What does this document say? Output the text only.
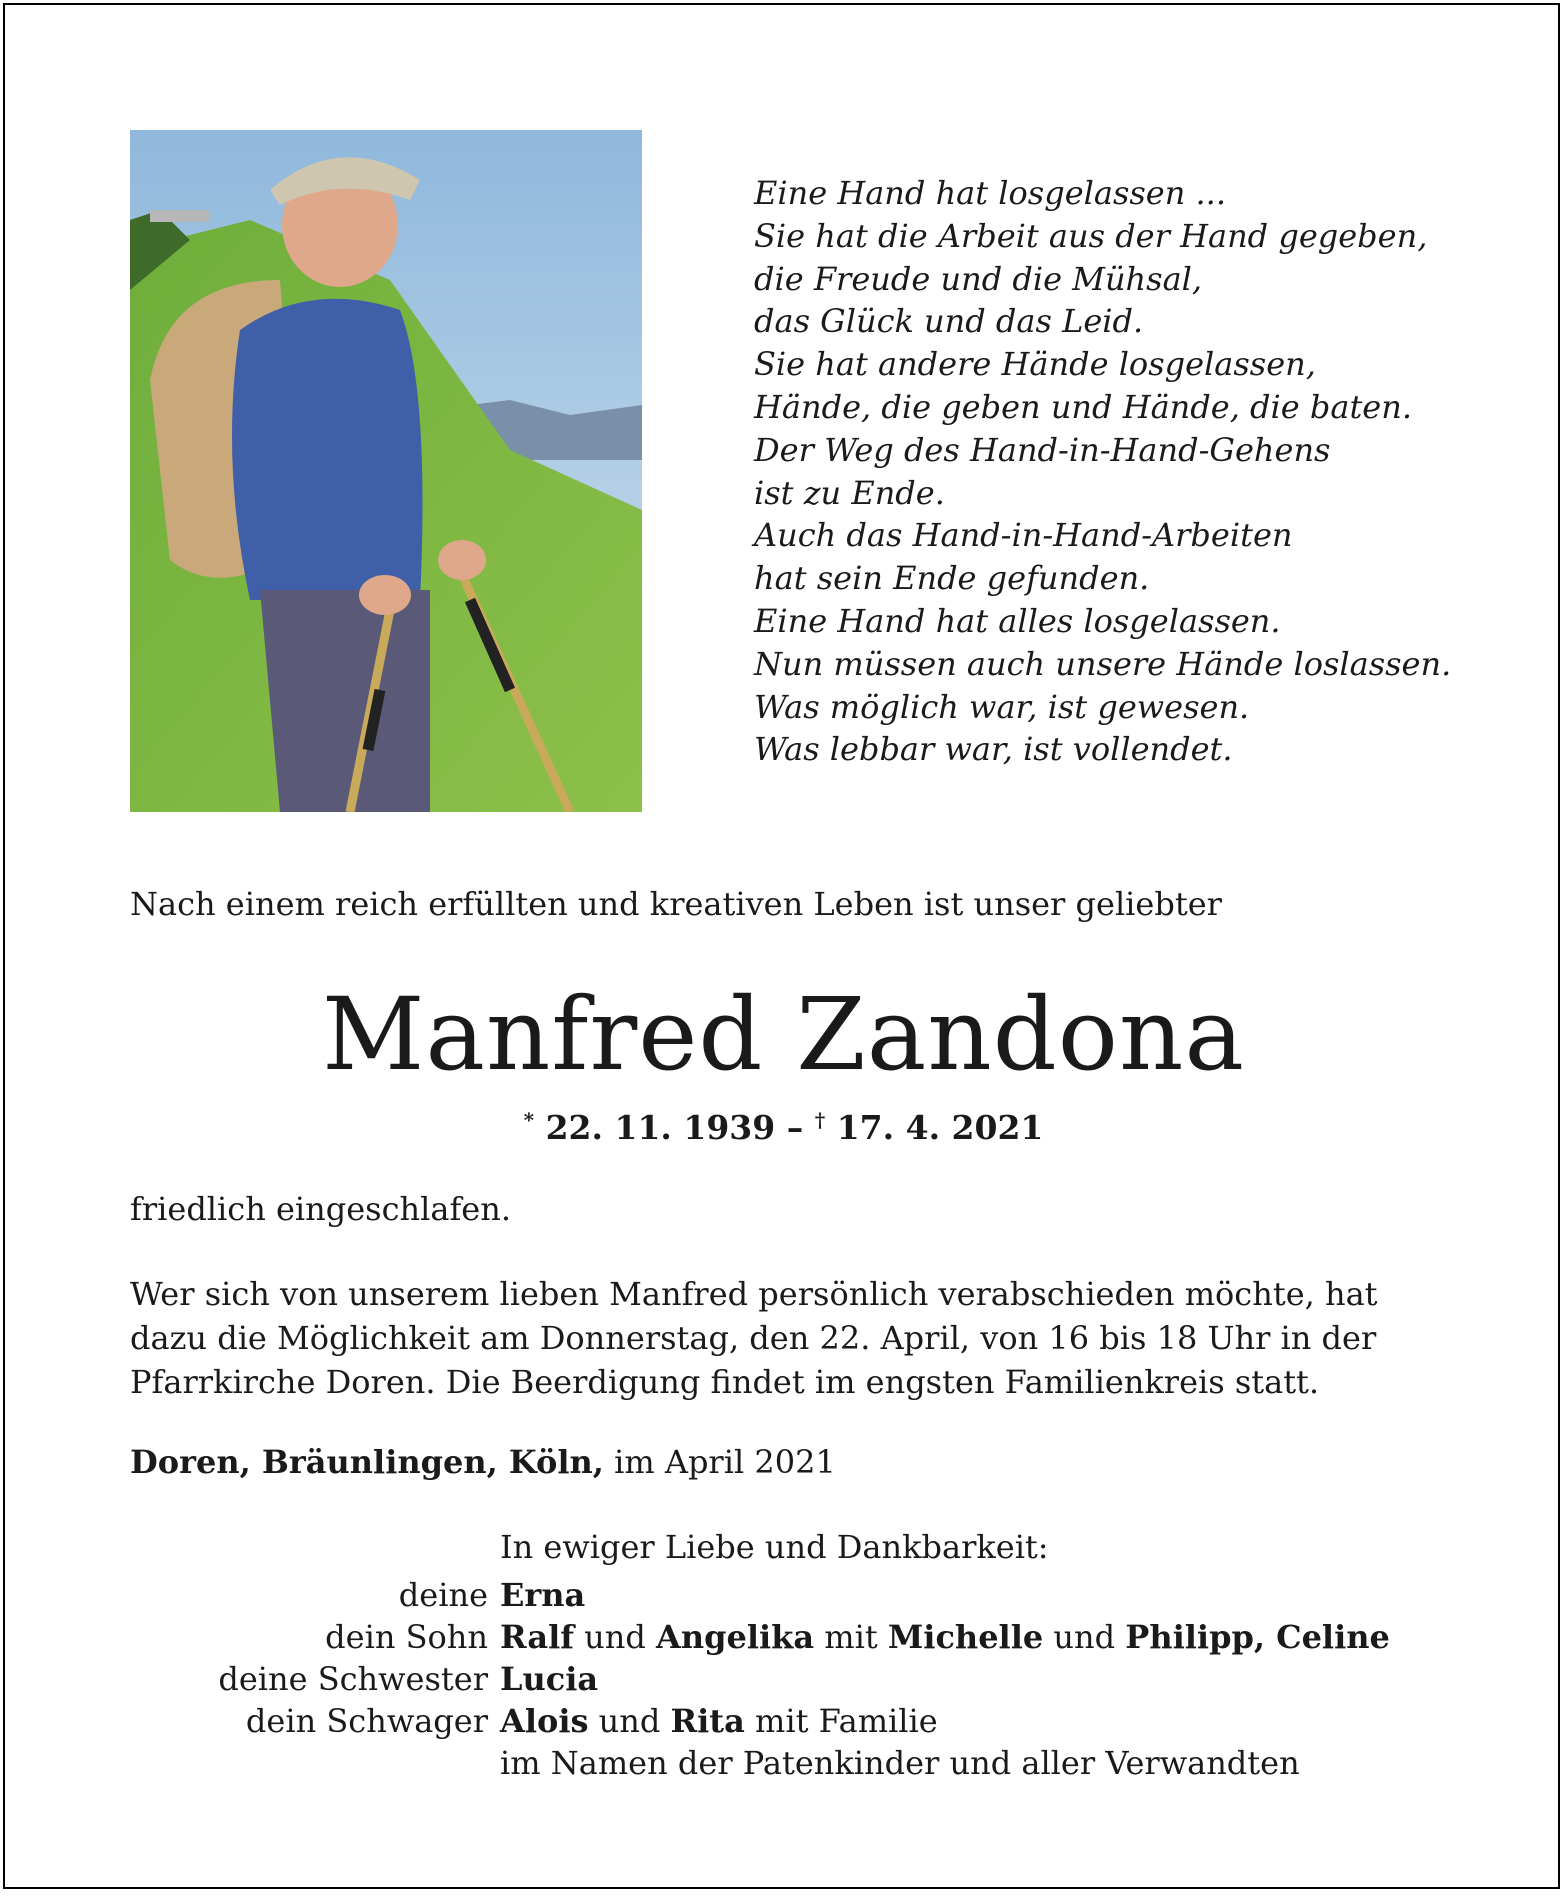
Eine Hand hat losgelassen ...
Sie hat die Arbeit aus der Hand gegeben,
die Freude und die Mühsal,
das Glück und das Leid.
Sie hat andere Hände losgelassen,
Hände, die geben und Hände, die baten.
Der Weg des Hand-in-Hand-Gehens
ist zu Ende.
Auch das Hand-in-Hand-Arbeiten
hat sein Ende gefunden.
Eine Hand hat alles losgelassen.
Nun müssen auch unsere Hände loslassen.
Was möglich war, ist gewesen.
Was lebbar war, ist vollendet.
Nach einem reich erfüllten und kreativen Leben ist unser geliebter
Manfred Zandona
* 22. 11. 1939 – † 17. 4. 2021
friedlich eingeschlafen.
Wer sich von unserem lieben Manfred persönlich verabschieden möchte, hat
dazu die Möglichkeit am Donnerstag, den 22. April, von 16 bis 18 Uhr in der
Pfarrkirche Doren. Die Beerdigung findet im engsten Familienkreis statt.
Doren, Bräunlingen, Köln, im April 2021
In ewiger Liebe und Dankbarkeit:
deine Erna
dein Sohn Ralf und Angelika mit Michelle und Philipp, Celine
deine Schwester Lucia
dein Schwager Alois und Rita mit Familie
im Namen der Patenkinder und aller Verwandten
